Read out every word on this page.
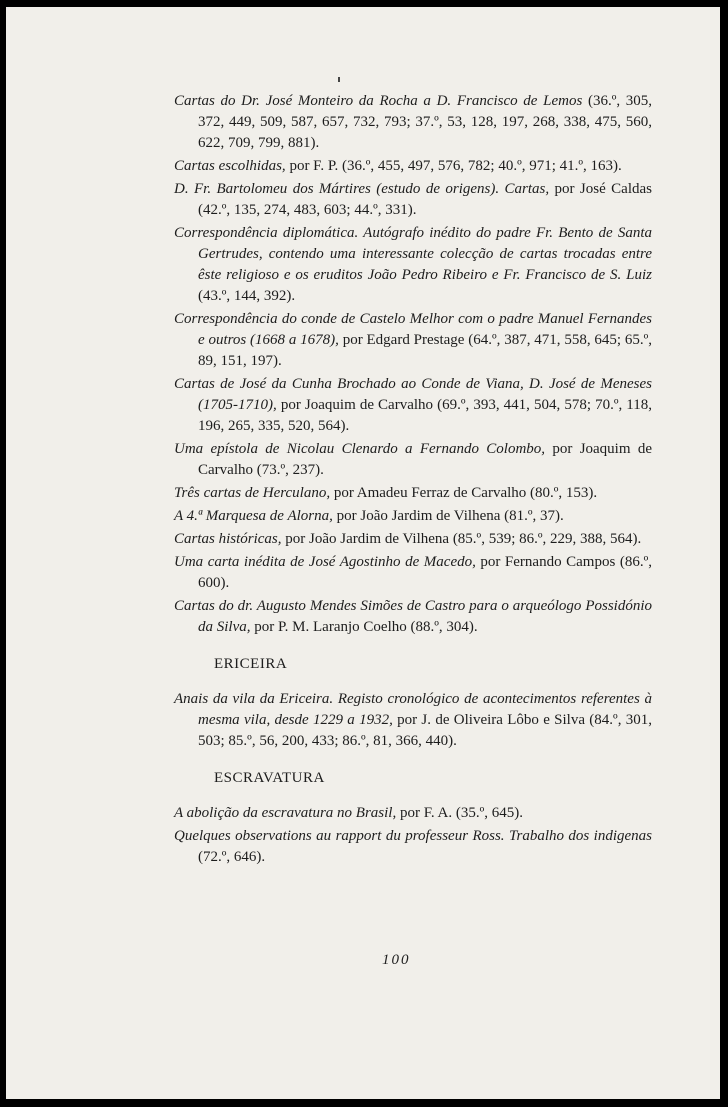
Cartas do Dr. José Monteiro da Rocha a D. Francisco de Lemos (36.º, 305, 372, 449, 509, 587, 657, 732, 793; 37.º, 53, 128, 197, 268, 338, 475, 560, 622, 709, 799, 881).

Cartas escolhidas, por F. P. (36.º, 455, 497, 576, 782; 40.º, 971; 41.º, 163).

D. Fr. Bartolomeu dos Mártires (estudo de origens). Cartas, por José Caldas (42.º, 135, 274, 483, 603; 44.º, 331).

Correspondência diplomática. Autógrafo inédito do padre Fr. Bento de Santa Gertrudes, contendo uma interessante colecção de cartas trocadas entre êste religioso e os eruditos João Pedro Ribeiro e Fr. Francisco de S. Luiz (43.º, 144, 392).

Correspondência do conde de Castelo Melhor com o padre Manuel Fernandes e outros (1668 a 1678), por Edgard Prestage (64.º, 387, 471, 558, 645; 65.º, 89, 151, 197).

Cartas de José da Cunha Brochado ao Conde de Viana, D. José de Meneses (1705-1710), por Joaquim de Carvalho (69.º, 393, 441, 504, 578; 70.º, 118, 196, 265, 335, 520, 564).

Uma epístola de Nicolau Clenardo a Fernando Colombo, por Joaquim de Carvalho (73.º, 237).

Três cartas de Herculano, por Amadeu Ferraz de Carvalho (80.º, 153).

A 4.ª Marquesa de Alorna, por João Jardim de Vilhena (81.º, 37).

Cartas históricas, por João Jardim de Vilhena (85.º, 539; 86.º, 229, 388, 564).

Uma carta inédita de José Agostinho de Macedo, por Fernando Campos (86.º, 600).

Cartas do dr. Augusto Mendes Simões de Castro para o arqueólogo Possidónio da Silva, por P. M. Laranjo Coelho (88.º, 304).

ERICEIRA

Anais da vila da Ericeira. Registo cronológico de acontecimentos referentes à mesma vila, desde 1229 a 1932, por J. de Oliveira Lôbo e Silva (84.º, 301, 503; 85.º, 56, 200, 433; 86.º, 81, 366, 440).

ESCRAVATURA

A abolição da escravatura no Brasil, por F. A. (35.º, 645).

Quelques observations au rapport du professeur Ross. Trabalho dos indigenas (72.º, 646).

100
